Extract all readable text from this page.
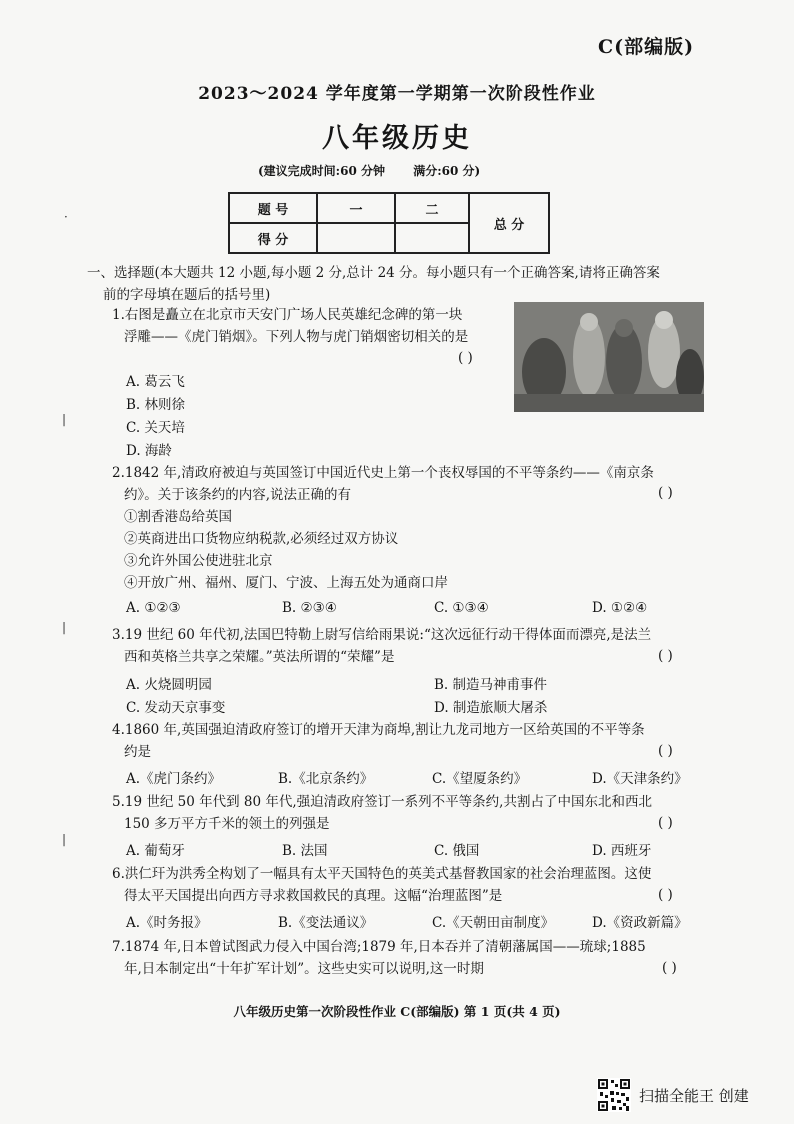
C(部编版)
2023～2024 学年度第一学期第一次阶段性作业
八年级历史
(建议完成时间:60 分钟 满分:60 分)
题 号	一	二	总 分
得 分			
·
|
|
|
一、选择题(本大题共 12 小题,每小题 2 分,总计 24 分。每小题只有一个正确答案,请将正确答案
前的字母填在题后的括号里)
1.右图是矗立在北京市天安门广场人民英雄纪念碑的第一块
浮雕——《虎门销烟》。下列人物与虎门销烟密切相关的是
( )
A. 葛云飞
B. 林则徐
C. 关天培
D. 海龄
2.1842 年,清政府被迫与英国签订中国近代史上第一个丧权辱国的不平等条约——《南京条
约》。关于该条约的内容,说法正确的有
①割香港岛给英国
②英商进出口货物应纳税款,必须经过双方协议
③允许外国公使进驻北京
④开放广州、福州、厦门、宁波、上海五处为通商口岸
( )
A. ①②③	B. ②③④	C. ①③④	D. ①②④
3.19 世纪 60 年代初,法国巴特勒上尉写信给雨果说:“这次远征行动干得体面而漂亮,是法兰
西和英格兰共享之荣耀。”英法所谓的“荣耀”是	( )
A. 火烧圆明园	B. 制造马神甫事件
C. 发动天京事变	D. 制造旅顺大屠杀
4.1860 年,英国强迫清政府签订的增开天津为商埠,割让九龙司地方一区给英国的不平等条
约是	( )
A.《虎门条约》	B.《北京条约》	C.《望厦条约》	D.《天津条约》
5.19 世纪 50 年代到 80 年代,强迫清政府签订一系列不平等条约,共割占了中国东北和西北
150 多万平方千米的领土的列强是	( )
A. 葡萄牙	B. 法国	C. 俄国	D. 西班牙
6.洪仁玕为洪秀全构划了一幅具有太平天国特色的英美式基督教国家的社会治理蓝图。这使
得太平天国提出向西方寻求救国救民的真理。这幅“治理蓝图”是	( )
A.《时务报》	B.《变法通议》	C.《天朝田亩制度》	D.《资政新篇》
7.1874 年,日本曾试图武力侵入中国台湾;1879 年,日本吞并了清朝藩属国——琉球;1885
年,日本制定出“十年扩军计划”。这些史实可以说明,这一时期	( )
八年级历史第一次阶段性作业 C(部编版) 第 1 页(共 4 页)
扫描全能王 创建
